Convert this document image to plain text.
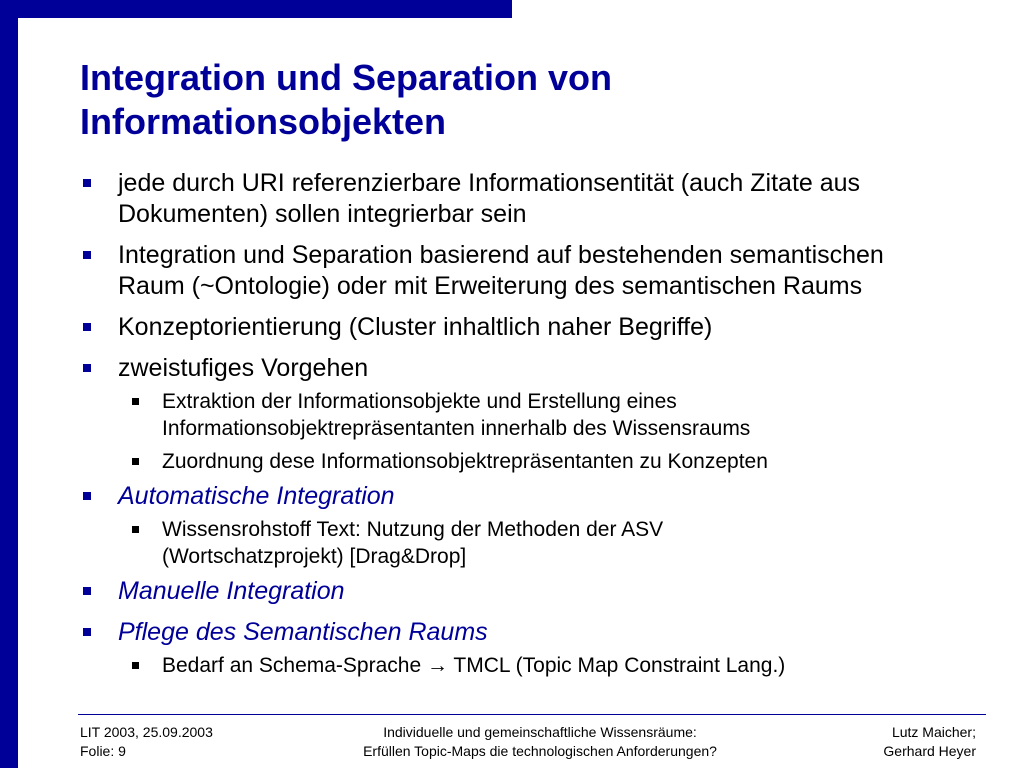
Integration und Separation von
Informationsobjekten
jede durch URI referenzierbare Informationsentität (auch Zitate aus
Dokumenten) sollen integrierbar sein
Integration und Separation basierend auf bestehenden semantischen
Raum (~Ontologie) oder mit Erweiterung des semantischen Raums
Konzeptorientierung (Cluster inhaltlich naher Begriffe)
zweistufiges Vorgehen
Extraktion der Informationsobjekte und Erstellung eines
Informationsobjektrepräsentanten innerhalb des Wissensraums
Zuordnung dese Informationsobjektrepräsentanten zu Konzepten
Automatische Integration
Wissensrohstoff Text: Nutzung der Methoden der ASV
(Wortschatzprojekt) [Drag&Drop]
Manuelle Integration
Pflege des Semantischen Raums
Bedarf an Schema-Sprache → TMCL (Topic Map Constraint Lang.)
LIT 2003, 25.09.2003
Folie: 9
Individuelle und gemeinschaftliche Wissensräume:
Erfüllen Topic-Maps die technologischen Anforderungen?
Lutz Maicher;
Gerhard Heyer
